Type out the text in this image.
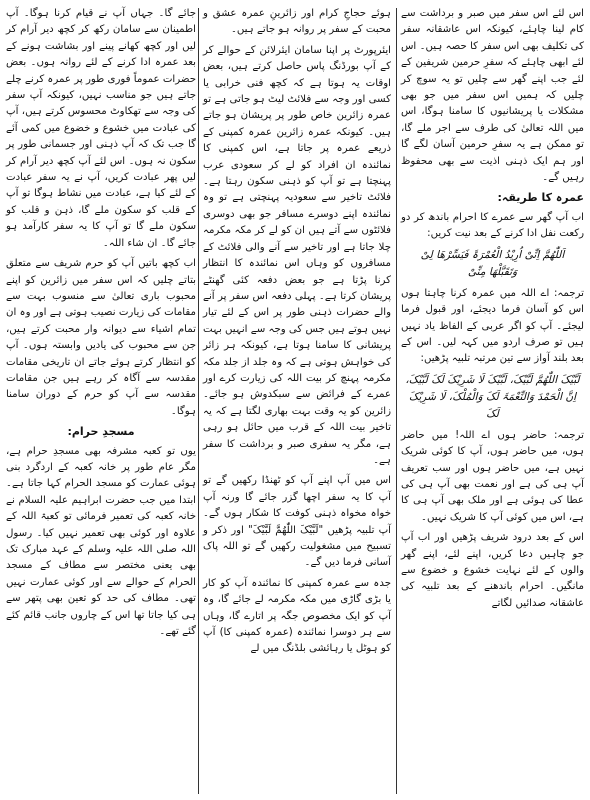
اس لئے اس سفر میں صبر و برداشت سے کام لینا چاہئے، کیونکہ اس عاشقانہ سفر کی تکلیف بھی اس سفر کا حصہ ہیں۔ اس لئے ابھی چاہئے کہ سفرِ حرمین شریفین کے لئے جب اپنے گھر سے چلیں تو یہ سوچ کر چلیں کہ ہمیں اس سفر میں جو بھی مشکلات یا پریشانیوں کا سامنا ہوگا، اس میں اللہ تعالیٰ کی طرف سے اجر ملے گا، تو ممکن ہے یہ سفرِ حرمین آسان لگے گا اور ہم ایک ذہنی اذیت سے بھی محفوظ رہیں گے۔

عمرہ کا طریقہ:

اب آپ گھر سے عمرے کا احرام باندھ کر دو رکعت نفل ادا کرنے کے بعد نیت کریں:

اَللّٰھُمَّ اِنِّیْ اُرِیْدُ الْعُمْرَۃَ فَیَسِّرْھَا لِیْ وَتَقَبَّلْھَا مِنِّیْ

ترجمہ: اے اللہ میں عمرہ کرنا چاہتا ہوں اس کو آسان فرما دیجئے، اور قبول فرما لیجئے۔ آپ کو اگر عربی کے الفاظ یاد نہیں ہیں تو صرف اردو میں کہہ لیں۔ اس کے بعد بلند آواز سے تین مرتبہ تلبیہ پڑھیں:

لَبَّیْکَ اللّٰھُمَّ لَبَّیْکَ، لَبَّیْکَ لَا شَرِیْکَ لَکَ لَبَّیْکَ، اِنَّ الْحَمْدَ وَالنِّعْمَۃَ لَکَ وَالْمُلْکَ، لَا شَرِیْکَ لَکَ

ترجمہ: حاضر ہوں اے اللہ! میں حاضر ہوں، میں حاضر ہوں، آپ کا کوئی شریک نہیں ہے، میں حاضر ہوں اور سب تعریف آپ ہی کی ہے اور نعمت بھی آپ ہی کی عطا کی ہوئی ہے اور ملک بھی آپ ہی کا ہے، اس میں کوئی آپ کا شریک نہیں۔

اس کے بعد درود شریف پڑھیں اور اب آپ جو چاہیں دعا کریں، اپنے لئے، اپنے گھر والوں کے لئے نہایت خشوع و خضوع سے مانگیں۔ احرام باندھنے کے بعد تلبیہ کی عاشقانہ صدائیں لگاتے

ہوئے حجاجِ کرام اور زائرینِ عمرہ عشق و محبت کے سفر پر روانہ ہو جاتے ہیں۔

ایئرپورٹ پر اپنا سامان ایئرلائن کے حوالے کر کے آپ بورڈنگ پاس حاصل کرتے ہیں، بعض اوقات یہ ہوتا ہے کہ کچھ فنی خرابی یا کسی اور وجہ سے فلائٹ لیٹ ہو جاتی ہے تو عمرہ زائرین خاص طور پر پریشان ہو جاتے ہیں۔ کیونکہ عمرہ زائرین عمرہ کمپنی کے ذریعے عمرہ پر جاتا ہے، اس کمپنی کا نمائندہ ان افراد کو لے کر سعودی عرب پہنچتا ہے تو آپ کو ذہنی سکون رہتا ہے۔ فلائٹ تاخیر سے سعودیہ پہنچتی ہے تو وہ نمائندہ اپنے دوسرے مسافر جو بھی دوسری فلائٹوں سے آتے ہیں ان کو لے کر مکہ مکرمہ چلا جاتا ہے اور تاخیر سے آنے والی فلائٹ کے مسافروں کو وہاں اس نمائندہ کا انتظار کرنا پڑتا ہے جو بعض دفعہ کئی گھنٹے پریشان کرتا ہے۔ پہلی دفعہ اس سفر پر آنے والے حضرات ذہنی طور پر اس کے لئے تیار نہیں ہوتے ہیں جس کی وجہ سے انہیں بہت پریشانی کا سامنا ہوتا ہے، کیونکہ ہر زائر کی خواہش ہوتی ہے کہ وہ جلد از جلد مکہ مکرمہ پہنچ کر بیت اللہ کی زیارت کرے اور عمرے کے فرائض سے سبکدوش ہو جائے۔ زائرین کو یہ وقت بہت بھاری لگتا ہے کہ یہ تاخیر بیت اللہ کے قرب میں حائل ہو رہی ہے، مگر یہ سفری صبر و برداشت کا سفر ہے۔

اس میں آپ اپنے آپ کو ٹھنڈا رکھیں گے تو آپ کا یہ سفر اچھا گزر جائے گا ورنہ آپ خواہ مخواہ ذہنی کوفت کا شکار ہوں گے۔ آپ تلبیہ پڑھیں "لَبَّیْکَ اللّٰھُمَّ لَبَّیْکَ" اور ذکر و تسبیح میں مشغولیت رکھیں گے تو اللہ پاک آسانی فرما دیں گے۔

جدہ سے عمرہ کمپنی کا نمائندہ آپ کو کار یا بڑی گاڑی میں مکہ مکرمہ لے جائے گا، وہ آپ کو ایک مخصوص جگہ پر اتارے گا، وہاں سے ہر دوسرا نمائندہ (عمرہ کمپنی کا) آپ کو ہوٹل یا رہائشی بلڈنگ میں لے

جائے گا۔ جہاں آپ نے قیام کرنا ہوگا۔ آپ اطمینان سے سامان رکھ کر کچھ دیر آرام کر لیں اور کچھ کھانے پینے اور بشاشت ہونے کے بعد عمرہ ادا کرنے کے لئے روانہ ہوں۔ بعض حضرات عموماً فوری طور پر عمرہ کرنے چلے جاتے ہیں جو مناسب نہیں، کیونکہ آپ سفر کی وجہ سے تھکاوٹ محسوس کرتے ہیں، آپ کی عبادت میں خشوع و خضوع میں کمی آئے گا جب تک کہ آپ ذہنی اور جسمانی طور پر سکون نہ ہوں۔ اس لئے آپ کچھ دیر آرام کر لیں پھر عبادت کریں، آپ نے یہ سفر عبادت کے لئے کیا ہے، عبادت میں نشاط ہوگا تو آپ کے قلب کو سکون ملے گا، ذہن و قلب کو سکون ملے گا تو آپ کا یہ سفر کارآمد ہو جائے گا۔ ان شاء اللہ۔

اب کچھ باتیں آپ کو حرم شریف سے متعلق بتاتے چلیں کہ اس سفر میں زائرین کو اپنے محبوب باری تعالیٰ سے منسوب بہت سے مقامات کی زیارت نصیب ہوتی ہے اور وہ ان تمام اشیاء سے دیوانہ وار محبت کرتے ہیں، جن سے محبوب کی یادیں وابستہ ہوں۔ آپ کو انتظار کرتے ہوئے جاتے ان تاریخی مقامات مقدسہ سے آگاہ کر رہے ہیں جن مقامات مقدسہ سے آپ کو حرم کے دوران سامنا ہوگا۔

مسجدِ حرام:

یوں تو کعبہ مشرفہ بھی مسجدِ حرام ہے، مگر عام طور پر خانہ کعبہ کے اردگرد بنی ہوئی عمارت کو مسجد الحرام کہا جاتا ہے۔ ابتدا میں جب حضرت ابراہیم علیہ السلام نے خانہ کعبہ کی تعمیر فرمائی تو کعبۃ اللہ کے علاوہ اور کوئی بھی تعمیر نہیں کیا۔ رسول اللہ صلی اللہ علیہ وسلم کے عہد مبارک تک بھی یعنی مختصر سے مطاف کے مسجد الحرام کے حوالے سے اور کوئی عمارت نہیں تھی۔ مطاف کی حد کو تعین بھی پتھر سے ہی کیا جاتا تھا اس کے چاروں جانب قائم کئے گئے تھے۔
